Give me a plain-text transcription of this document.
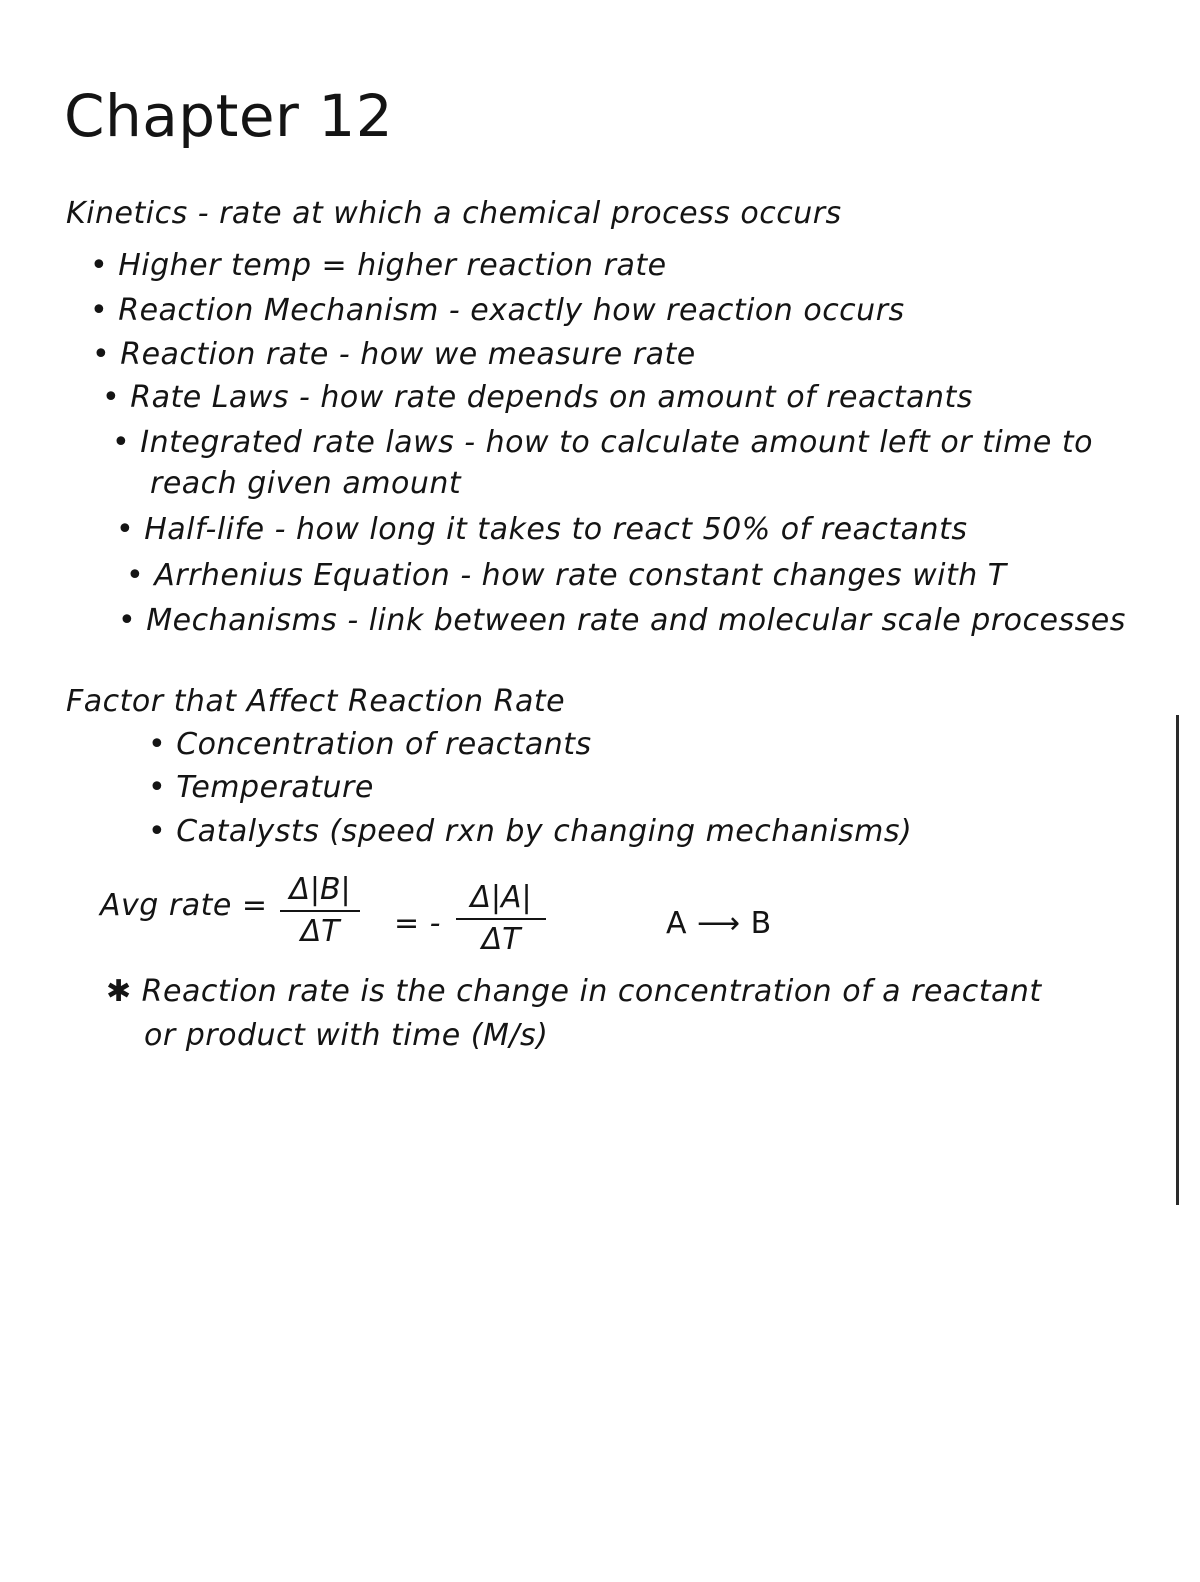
Chapter 12
Kinetics - rate at which a chemical process occurs
• Higher temp = higher reaction rate
• Reaction Mechanism - exactly how reaction occurs
• Reaction rate - how we measure rate
• Rate Laws - how rate depends on amount of reactants
• Integrated rate laws - how to calculate amount left or time to
reach given amount
• Half-life - how long it takes to react 50% of reactants
• Arrhenius Equation - how rate constant changes with T
• Mechanisms - link between rate and molecular scale processes
Factor that Affect Reaction Rate
• Concentration of reactants
• Temperature
• Catalysts (speed rxn by changing mechanisms)
Avg rate = Δ|B|
ΔT	= -
Δ|A|
ΔT	A ⟶ B
✱ Reaction rate is the change in concentration of a reactant
or product with time (M/s)
